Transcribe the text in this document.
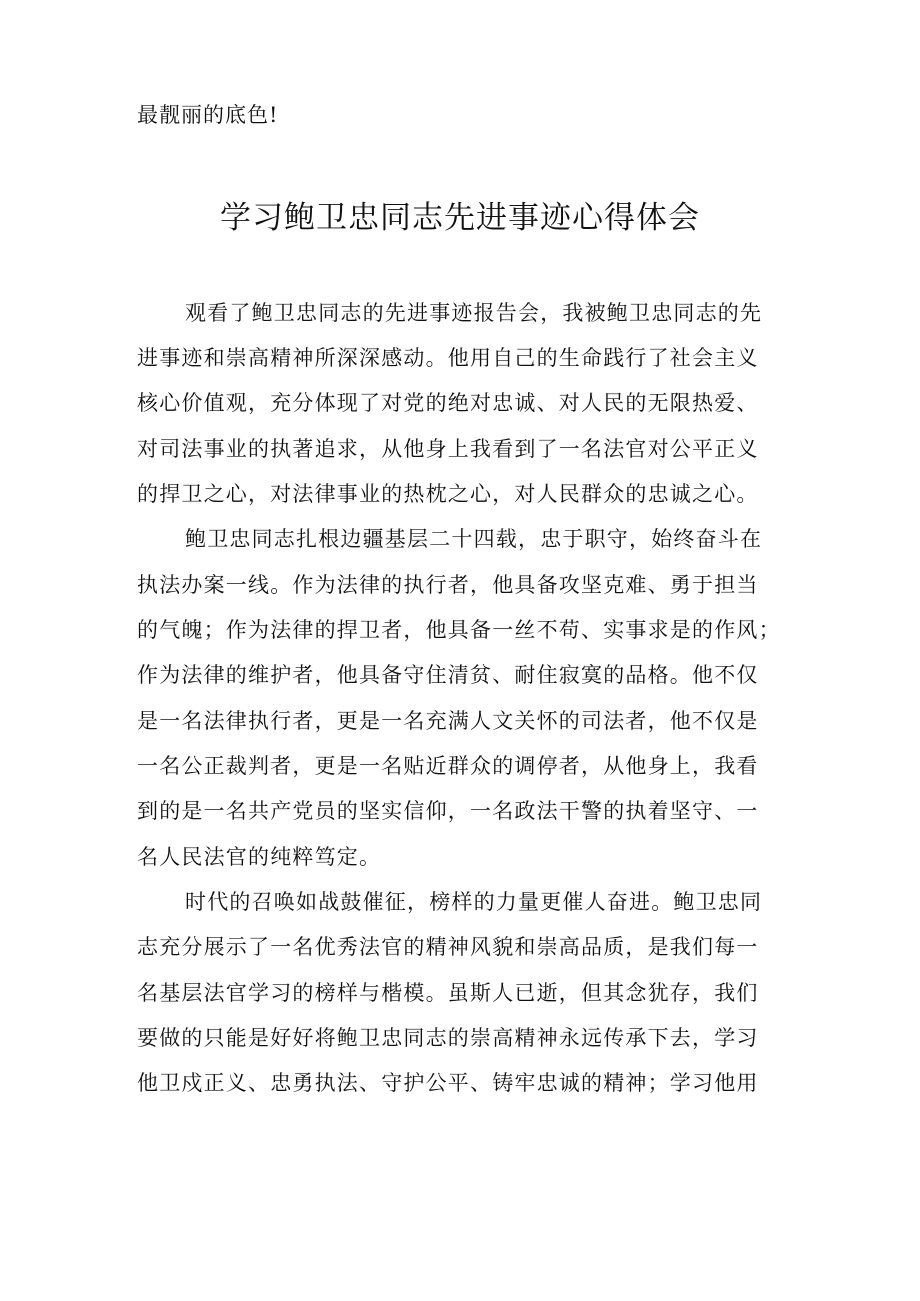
最靓丽的底色!
学习鲍卫忠同志先进事迹心得体会
观看了鲍卫忠同志的先进事迹报告会，我被鲍卫忠同志的先
进事迹和崇高精神所深深感动。他用自己的生命践行了社会主义
核心价值观，充分体现了对党的绝对忠诚、对人民的无限热爱、
对司法事业的执著追求，从他身上我看到了一名法官对公平正义
的捍卫之心，对法律事业的热枕之心，对人民群众的忠诚之心。
鲍卫忠同志扎根边疆基层二十四载，忠于职守，始终奋斗在
执法办案一线。作为法律的执行者，他具备攻坚克难、勇于担当
的气魄；作为法律的捍卫者，他具备一丝不苟、实事求是的作风；
作为法律的维护者，他具备守住清贫、耐住寂寞的品格。他不仅
是一名法律执行者，更是一名充满人文关怀的司法者，他不仅是
一名公正裁判者，更是一名贴近群众的调停者，从他身上，我看
到的是一名共产党员的坚实信仰，一名政法干警的执着坚守、一
名人民法官的纯粹笃定。
时代的召唤如战鼓催征，榜样的力量更催人奋进。鲍卫忠同
志充分展示了一名优秀法官的精神风貌和崇高品质，是我们每一
名基层法官学习的榜样与楷模。虽斯人已逝，但其念犹存，我们
要做的只能是好好将鲍卫忠同志的崇高精神永远传承下去，学习
他卫戍正义、忠勇执法、守护公平、铸牢忠诚的精神；学习他用
